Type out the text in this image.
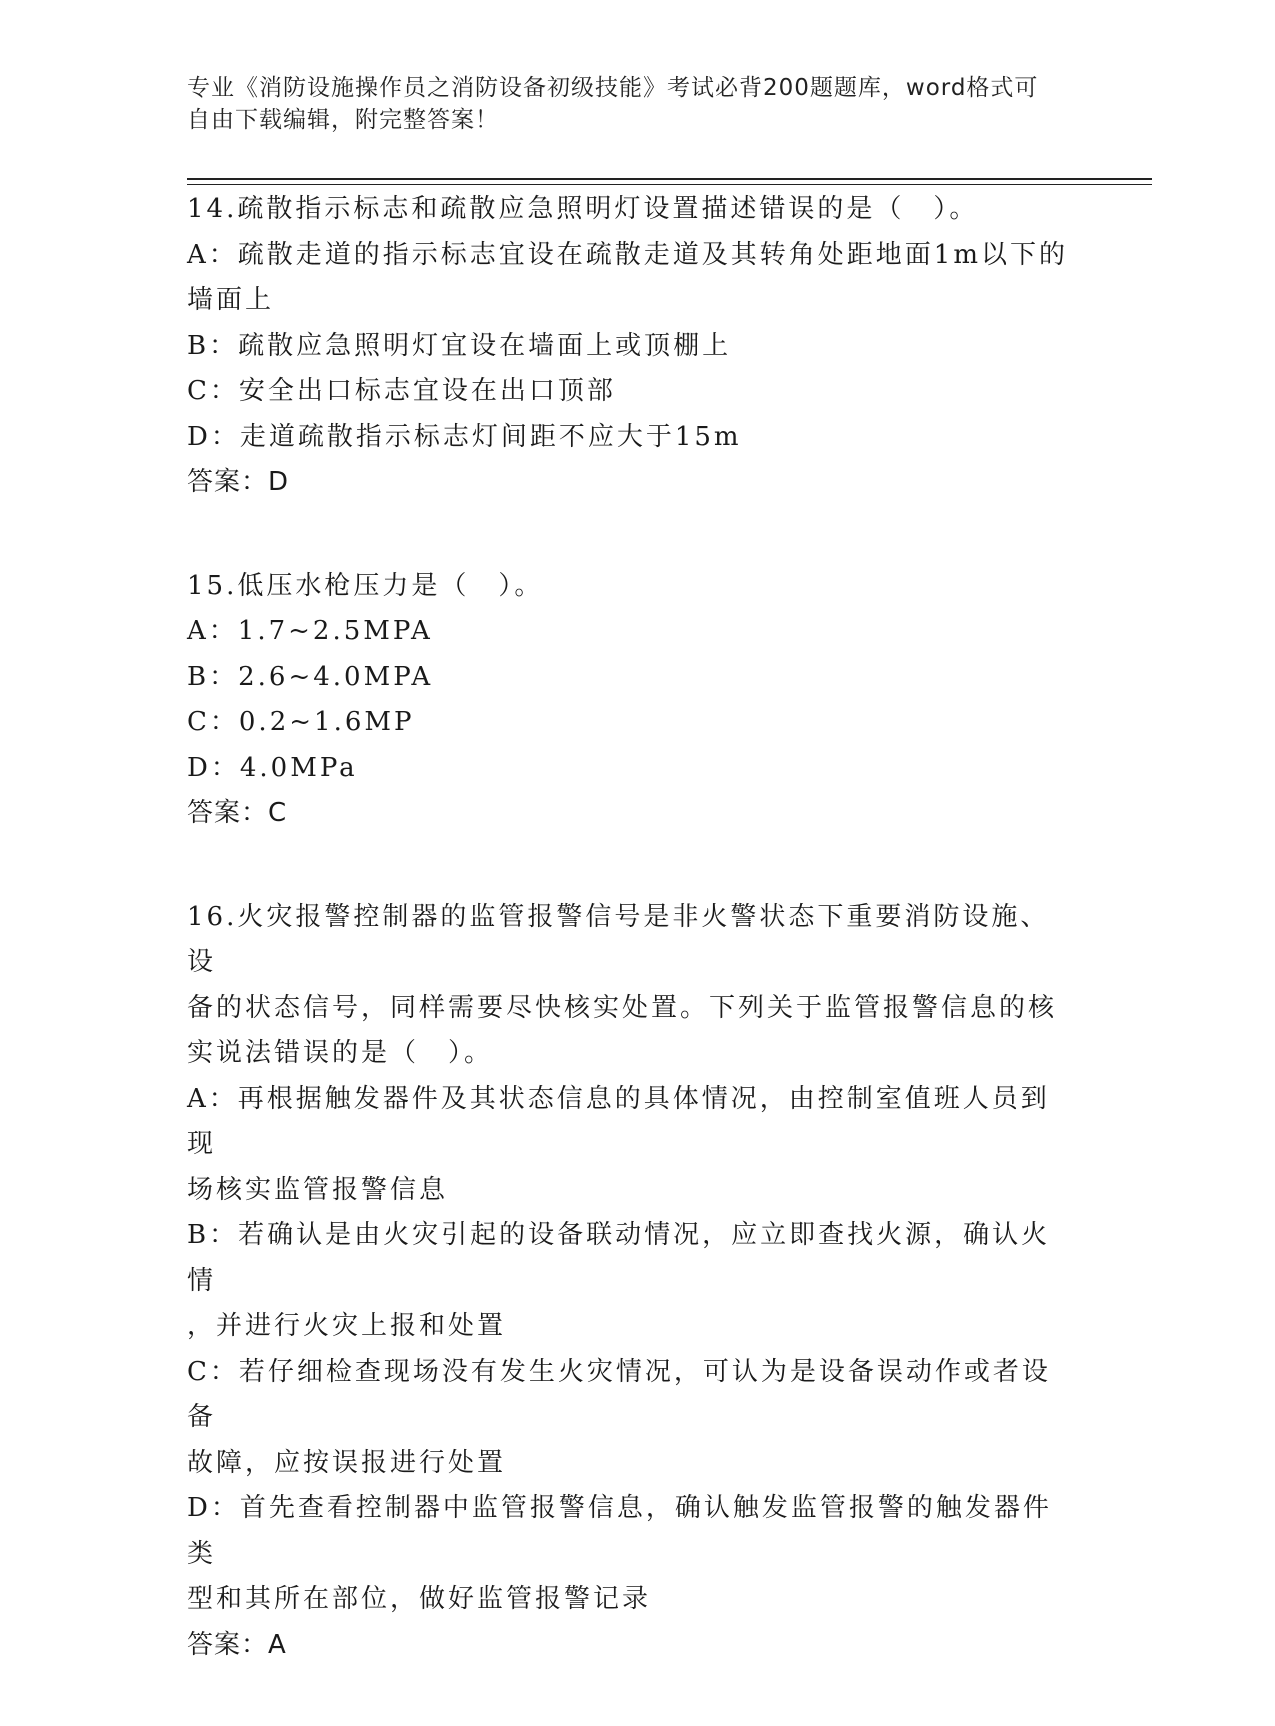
专业《消防设施操作员之消防设备初级技能》考试必背200题题库，word格式可
自由下载编辑，附完整答案！

14.疏散指示标志和疏散应急照明灯设置描述错误的是（　）。

A：疏散走道的指示标志宜设在疏散走道及其转角处距地面1m以下的

墙面上

B：疏散应急照明灯宜设在墙面上或顶棚上

C：安全出口标志宜设在出口顶部

D：走道疏散指示标志灯间距不应大于15m

答案：D

15.低压水枪压力是（　）。

A：1.7~2.5MPA

B：2.6~4.0MPA

C：0.2~1.6MP

D：4.0MPa

答案：C

16.火灾报警控制器的监管报警信号是非火警状态下重要消防设施、设

备的状态信号，同样需要尽快核实处置。下列关于监管报警信息的核

实说法错误的是（　）。

A：再根据触发器件及其状态信息的具体情况，由控制室值班人员到现

场核实监管报警信息

B：若确认是由火灾引起的设备联动情况，应立即查找火源，确认火情

，并进行火灾上报和处置

C：若仔细检查现场没有发生火灾情况，可认为是设备误动作或者设备

故障，应按误报进行处置

D：首先查看控制器中监管报警信息，确认触发监管报警的触发器件类

型和其所在部位，做好监管报警记录

答案：A
